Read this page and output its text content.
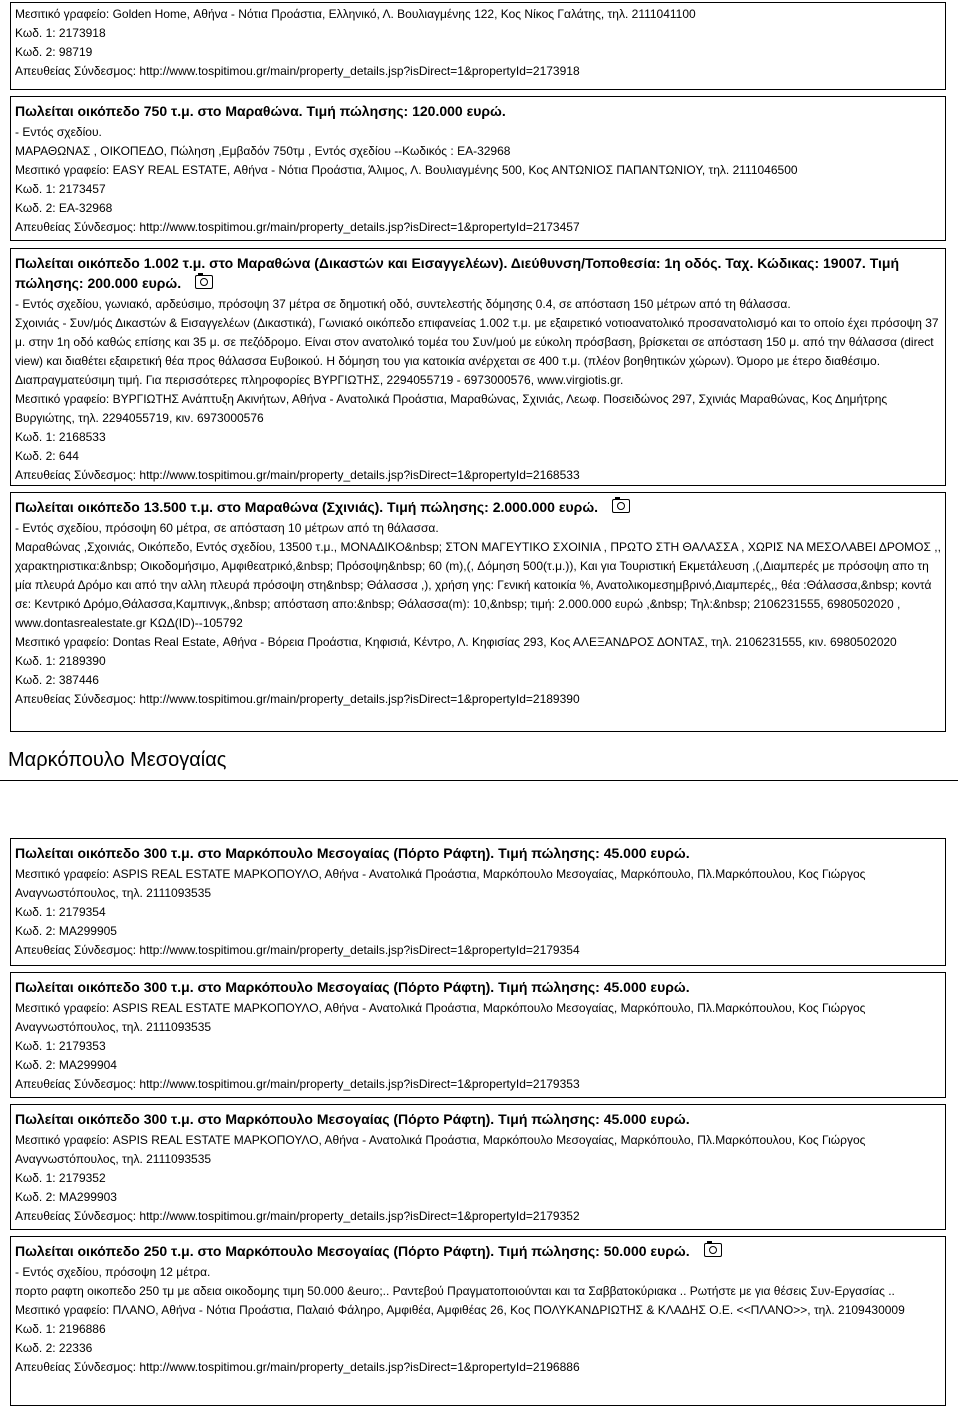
Μεσιτικό γραφείο: Golden Home, Αθήνα - Νότια Προάστια, Ελληνικό, Λ. Βουλιαγμένης 122, Κος Νίκος Γαλάτης, τηλ. 2111041100
Κωδ. 1: 2173918
Κωδ. 2: 98719
Απευθείας Σύνδεσμος: http://www.tospitimou.gr/main/property_details.jsp?isDirect=1&propertyId=2173918
Πωλείται οικόπεδο 750 τ.μ. στο Μαραθώνα. Τιμή πώλησης: 120.000 ευρώ.
- Εντός σχεδίου.
ΜΑΡΑΘΩΝΑΣ , ΟΙΚΟΠΕΔΟ, Πώληση ,Εμβαδόν 750τμ , Εντός σχεδίου --Κωδικός : ΕΑ-32968
Μεσιτικό γραφείο: EASY REAL ESTATE, Αθήνα - Νότια Προάστια, Άλιμος, Λ. Βουλιαγμένης 500, Κος ΑΝΤΩΝΙΟΣ ΠΑΠΑΝΤΩΝΙΟΥ, τηλ. 2111046500
Κωδ. 1: 2173457
Κωδ. 2: ΕΑ-32968
Απευθείας Σύνδεσμος: http://www.tospitimou.gr/main/property_details.jsp?isDirect=1&propertyId=2173457
Πωλείται οικόπεδο 1.002 τ.μ. στο Μαραθώνα (Δικαστών και Εισαγγελέων). Διεύθυνση/Τοποθεσία: 1η οδός. Ταχ. Κώδικας: 19007. Τιμή πώλησης: 200.000 ευρώ.
- Εντός σχεδίου, γωνιακό, αρδεύσιμο, πρόσοψη 37 μέτρα σε δημοτική οδό, συντελεστής δόμησης 0.4, σε απόσταση 150 μέτρων από τη θάλασσα.
Σχοινιάς - Συν/μός Δικαστών & Εισαγγελέων (Δικαστικά), Γωνιακό οικόπεδο επιφανείας 1.002 τ.μ. με εξαιρετικό νοτιοανατολικό προσανατολισμό και το οποίο έχει πρόσοψη 37 μ. στην 1η οδό καθώς επίσης και 35 μ. σε πεζόδρομο. Είναι στον ανατολικό τομέα του Συν/μού με εύκολη πρόσβαση, βρίσκεται σε απόσταση 150 μ. από την θάλασσα (direct view) και διαθέτει εξαιρετική θέα προς θάλασσα Ευβοικού. Η δόμηση του για κατοικία ανέρχεται σε 400 τ.μ. (πλέον βοηθητικών χώρων). Όμορο με έτερο διαθέσιμο. Διαπραγματεύσιμη τιμή. Για περισσότερες πληροφορίες ΒΥΡΓΙΩΤΗΣ, 2294055719 - 6973000576, www.virgiotis.gr.
Μεσιτικό γραφείο: ΒΥΡΓΙΩΤΗΣ Ανάπτυξη Ακινήτων, Αθήνα - Ανατολικά Προάστια, Μαραθώνας, Σχινιάς, Λεωφ. Ποσειδώνος 297, Σχινιάς Μαραθώνας, Κος Δημήτρης Βυργιώτης, τηλ. 2294055719, κιν. 6973000576
Κωδ. 1: 2168533
Κωδ. 2: 644
Απευθείας Σύνδεσμος: http://www.tospitimou.gr/main/property_details.jsp?isDirect=1&propertyId=2168533
Πωλείται οικόπεδο 13.500 τ.μ. στο Μαραθώνα (Σχινιάς). Τιμή πώλησης: 2.000.000 ευρώ.
- Εντός σχεδίου, πρόσοψη 60 μέτρα, σε απόσταση 10 μέτρων από τη θάλασσα.
Μαραθώνας ,Σχοινιάς, Οικόπεδο, Εντός σχεδίου, 13500 τ.μ., ΜΟΝΑΔΙΚΟ&nbsp; ΣΤΟΝ ΜΑΓΕΥΤΙΚΟ ΣΧΟΙΝΙΑ , ΠΡΩΤΟ ΣΤΗ ΘΑΛΑΣΣΑ , ΧΩΡΙΣ ΝΑ ΜΕΣΟΛΑΒΕΙ ΔΡΟΜΟΣ ,, χαρακτηριστικα:&nbsp; Οικοδομήσιμο, Αμφιθεατρικό,&nbsp; Πρόσοψη&nbsp; 60 (m),(, Δόμηση 500(τ.μ.)), Και για Τουριστική Εκμετάλευση ,(,Διαμπερές με πρόσοψη απο τη μία πλευρά Δρόμο και από την αλλη πλευρά πρόσοψη στη&nbsp; Θάλασσα ,), χρήση γης: Γενική κατοικία %, Ανατολικομεσημβρινό,Διαμπερές,, θέα :Θάλασσα,&nbsp; κοντά σε: Κεντρικό Δρόμο,Θάλασσα,Καμπινγκ,,&nbsp; απόσταση απο:&nbsp; Θάλασσα(m): 10,&nbsp; τιμή: 2.000.000 ευρώ ,&nbsp; Τηλ:&nbsp; 2106231555, 6980502020 , www.dontasrealestate.gr ΚΩΔ(ID)--105792
Μεσιτικό γραφείο: Dontas Real Estate, Αθήνα - Βόρεια Προάστια, Κηφισιά, Κέντρο, Λ. Κηφισίας 293, Κος ΑΛΕΞΑΝΔΡΟΣ ΔΟΝΤΑΣ, τηλ. 2106231555, κιν. 6980502020
Κωδ. 1: 2189390
Κωδ. 2: 387446
Απευθείας Σύνδεσμος: http://www.tospitimou.gr/main/property_details.jsp?isDirect=1&propertyId=2189390
Μαρκόπουλο Μεσογαίας
Πωλείται οικόπεδο 300 τ.μ. στο Μαρκόπουλο Μεσογαίας (Πόρτο Ράφτη). Τιμή πώλησης: 45.000 ευρώ.
Μεσιτικό γραφείο: ASPIS REAL ESTATE ΜΑΡΚΟΠΟΥΛΟ, Αθήνα - Ανατολικά Προάστια, Μαρκόπουλο Μεσογαίας, Μαρκόπουλο, Πλ.Μαρκόπουλου, Κος Γιώργος Αναγνωστόπουλος, τηλ. 2111093535
Κωδ. 1: 2179354
Κωδ. 2: ΜΑ299905
Απευθείας Σύνδεσμος: http://www.tospitimou.gr/main/property_details.jsp?isDirect=1&propertyId=2179354
Πωλείται οικόπεδο 300 τ.μ. στο Μαρκόπουλο Μεσογαίας (Πόρτο Ράφτη). Τιμή πώλησης: 45.000 ευρώ.
Μεσιτικό γραφείο: ASPIS REAL ESTATE ΜΑΡΚΟΠΟΥΛΟ, Αθήνα - Ανατολικά Προάστια, Μαρκόπουλο Μεσογαίας, Μαρκόπουλο, Πλ.Μαρκόπουλου, Κος Γιώργος Αναγνωστόπουλος, τηλ. 2111093535
Κωδ. 1: 2179353
Κωδ. 2: ΜΑ299904
Απευθείας Σύνδεσμος: http://www.tospitimou.gr/main/property_details.jsp?isDirect=1&propertyId=2179353
Πωλείται οικόπεδο 300 τ.μ. στο Μαρκόπουλο Μεσογαίας (Πόρτο Ράφτη). Τιμή πώλησης: 45.000 ευρώ.
Μεσιτικό γραφείο: ASPIS REAL ESTATE ΜΑΡΚΟΠΟΥΛΟ, Αθήνα - Ανατολικά Προάστια, Μαρκόπουλο Μεσογαίας, Μαρκόπουλο, Πλ.Μαρκόπουλου, Κος Γιώργος Αναγνωστόπουλος, τηλ. 2111093535
Κωδ. 1: 2179352
Κωδ. 2: ΜΑ299903
Απευθείας Σύνδεσμος: http://www.tospitimou.gr/main/property_details.jsp?isDirect=1&propertyId=2179352
Πωλείται οικόπεδο 250 τ.μ. στο Μαρκόπουλο Μεσογαίας (Πόρτο Ράφτη). Τιμή πώλησης: 50.000 ευρώ.
- Εντός σχεδίου, πρόσοψη 12 μέτρα.
πορτο ραφτη οικοπεδο 250 τμ με αδεια οικοδομης τιμη 50.000 &euro;.. Ραντεβού Πραγματοποιούνται και τα Σαββατοκύριακα .. Ρωτήστε με για θέσεις Συν-Εργασίας ..
Μεσιτικό γραφείο: ΠΛΑΝΟ, Αθήνα - Νότια Προάστια, Παλαιό Φάληρο, Αμφιθέα, Αμφιθέας 26, Κος ΠΟΛΥΚΑΝΔΡΙΩΤΗΣ & ΚΛΑΔΗΣ Ο.Ε. <<ΠΛΑΝΟ>>, τηλ. 2109430009
Κωδ. 1: 2196886
Κωδ. 2: 22336
Απευθείας Σύνδεσμος: http://www.tospitimou.gr/main/property_details.jsp?isDirect=1&propertyId=2196886
